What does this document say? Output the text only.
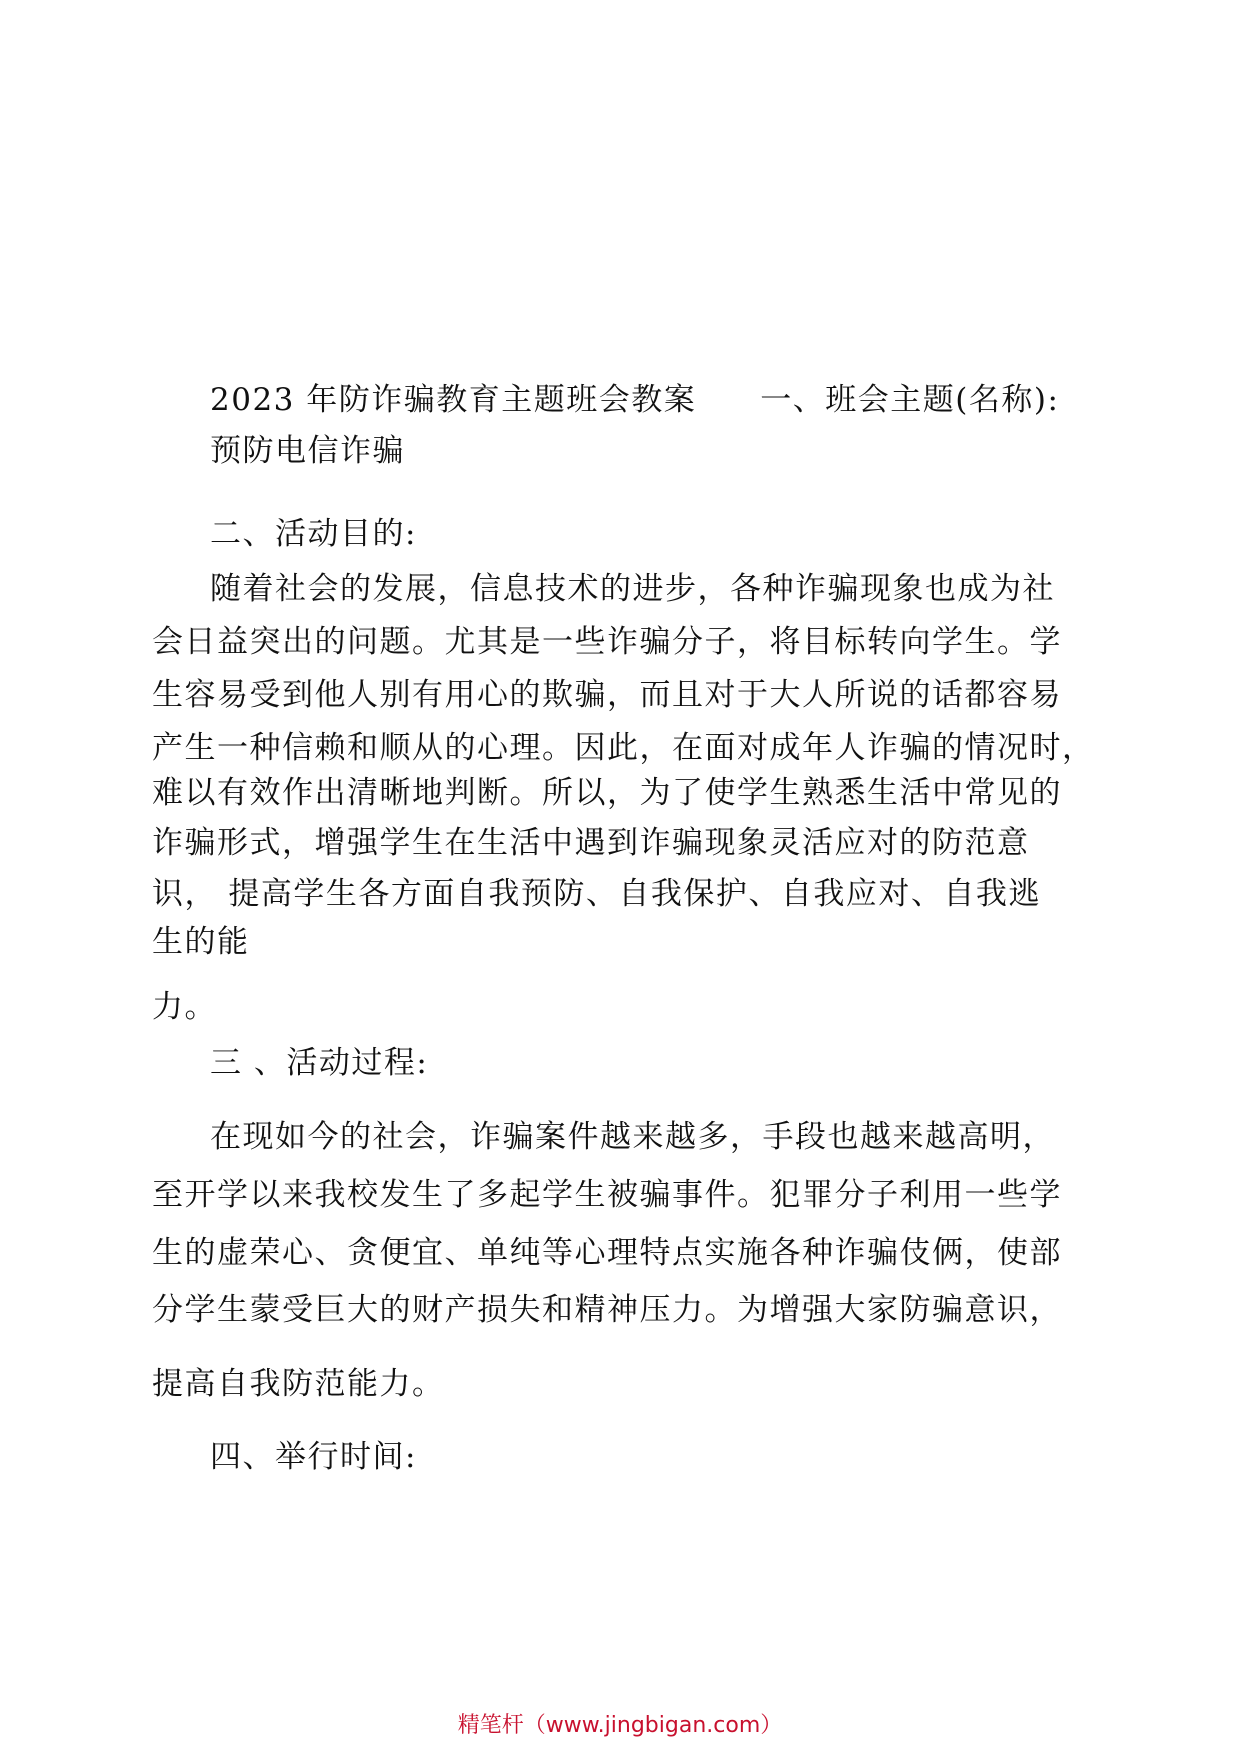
2023 年防诈骗教育主题班会教案 一、班会主题(名称):
预防电信诈骗
二、活动目的:
随着社会的发展，信息技术的进步，各种诈骗现象也成为社
会日益突出的问题。尤其是一些诈骗分子，将目标转向学生。学
生容易受到他人别有用心的欺骗，而且对于大人所说的话都容易
产生一种信赖和顺从的心理。因此，在面对成年人诈骗的情况时，
难以有效作出清晰地判断。所以，为了使学生熟悉生活中常见的
诈骗形式，增强学生在生活中遇到诈骗现象灵活应对的防范意
识， 提高学生各方面自我预防、自我保护、自我应对、自我逃
生的能
力。
三 、活动过程:
在现如今的社会，诈骗案件越来越多，手段也越来越高明，
至开学以来我校发生了多起学生被骗事件。犯罪分子利用一些学
生的虚荣心、贪便宜、单纯等心理特点实施各种诈骗伎俩，使部
分学生蒙受巨大的财产损失和精神压力。为增强大家防骗意识，
提高自我防范能力。
四、举行时间:
精笔杆（www.jingbigan.com）
